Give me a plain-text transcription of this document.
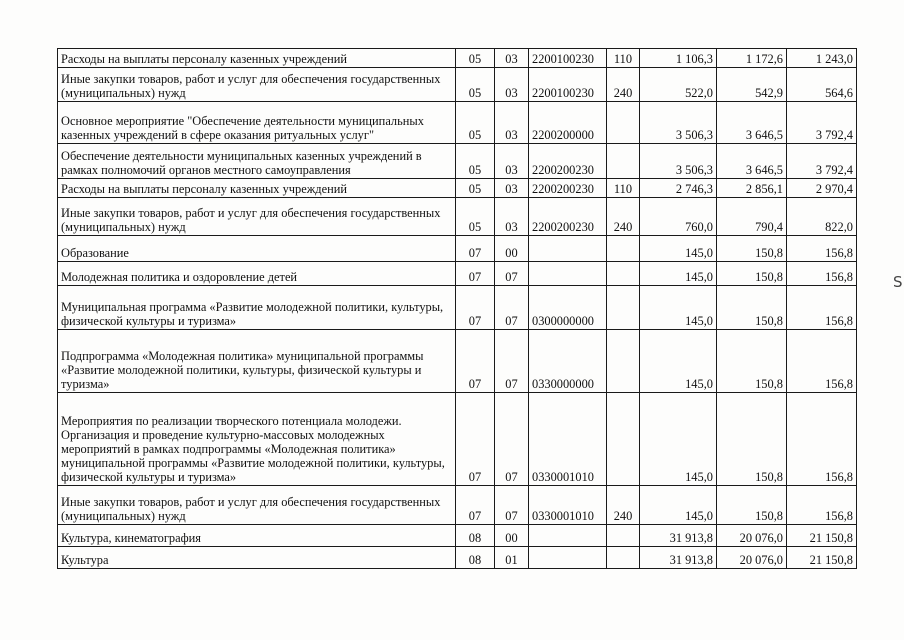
Расходы на выплаты персоналу казенных учреждений	05	03	2200100230	110	1 106,3	1 172,6	1 243,0
Иные закупки товаров, работ и услуг для обеспечения государственных (муниципальных) нужд	05	03	2200100230	240	522,0	542,9	564,6
Основное мероприятие "Обеспечение деятельности муниципальных казенных учреждений в сфере оказания ритуальных услуг"	05	03	2200200000		3 506,3	3 646,5	3 792,4
Обеспечение деятельности муниципальных казенных учреждений в рамках полномочий органов местного самоуправления	05	03	2200200230		3 506,3	3 646,5	3 792,4
Расходы на выплаты персоналу казенных учреждений	05	03	2200200230	110	2 746,3	2 856,1	2 970,4
Иные закупки товаров, работ и услуг для обеспечения государственных (муниципальных) нужд	05	03	2200200230	240	760,0	790,4	822,0
Образование	07	00			145,0	150,8	156,8
Молодежная политика и оздоровление детей	07	07			145,0	150,8	156,8
Муниципальная программа «Развитие молодежной политики, культуры, физической культуры и туризма»	07	07	0300000000		145,0	150,8	156,8
Подпрограмма «Молодежная политика» муниципальной программы «Развитие молодежной политики, культуры, физической культуры и туризма»	07	07	0330000000		145,0	150,8	156,8
Мероприятия по реализации творческого потенциала молодежи. Организация и проведение культурно-массовых молодежных мероприятий в рамках подпрограммы «Молодежная политика» муниципальной программы «Развитие молодежной политики, культуры, физической культуры и туризма»	07	07	0330001010		145,0	150,8	156,8
Иные закупки товаров, работ и услуг для обеспечения государственных (муниципальных) нужд	07	07	0330001010	240	145,0	150,8	156,8
Культура, кинематография	08	00			31 913,8	20 076,0	21 150,8
Культура	08	01			31 913,8	20 076,0	21 150,8
S
